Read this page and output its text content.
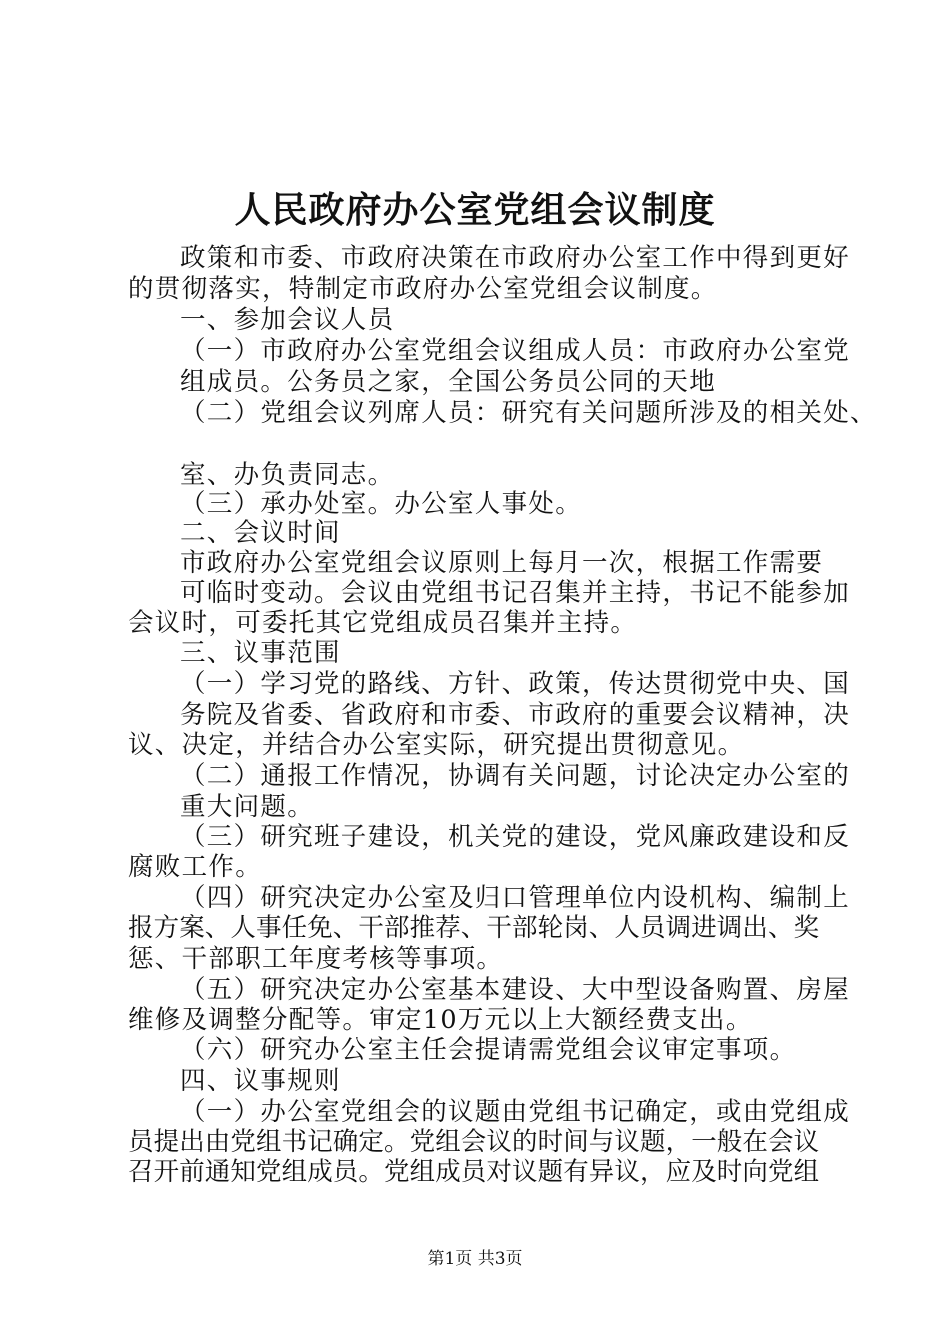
人民政府办公室党组会议制度
政策和市委、市政府决策在市政府办公室工作中得到更好
的贯彻落实，特制定市政府办公室党组会议制度。
一、参加会议人员
（一）市政府办公室党组会议组成人员：市政府办公室党
组成员。公务员之家，全国公务员公同的天地
（二）党组会议列席人员：研究有关问题所涉及的相关处、
室、办负责同志。
（三）承办处室。办公室人事处。
二、会议时间
市政府办公室党组会议原则上每月一次，根据工作需要
可临时变动。会议由党组书记召集并主持，书记不能参加
会议时，可委托其它党组成员召集并主持。
三、议事范围
（一）学习党的路线、方针、政策，传达贯彻党中央、国
务院及省委、省政府和市委、市政府的重要会议精神，决
议、决定，并结合办公室实际，研究提出贯彻意见。
（二）通报工作情况，协调有关问题，讨论决定办公室的
重大问题。
（三）研究班子建设，机关党的建设，党风廉政建设和反
腐败工作。
（四）研究决定办公室及归口管理单位内设机构、编制上
报方案、人事任免、干部推荐、干部轮岗、人员调进调出、奖
惩、干部职工年度考核等事项。
（五）研究决定办公室基本建设、大中型设备购置、房屋
维修及调整分配等。审定10万元以上大额经费支出。
（六）研究办公室主任会提请需党组会议审定事项。
四、议事规则
（一）办公室党组会的议题由党组书记确定，或由党组成
员提出由党组书记确定。党组会议的时间与议题，一般在会议
召开前通知党组成员。党组成员对议题有异议，应及时向党组
第1页 共3页
